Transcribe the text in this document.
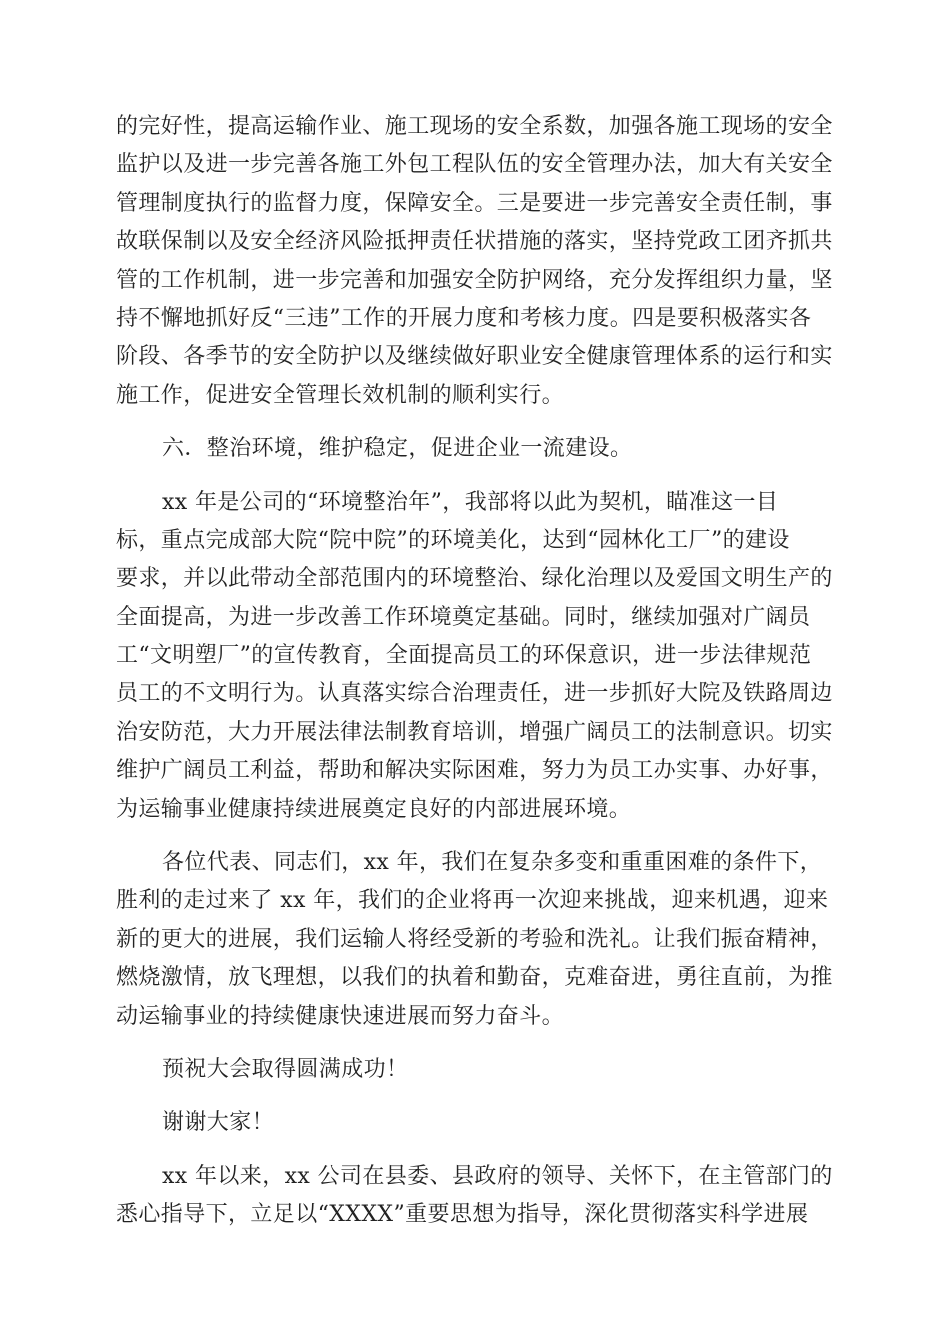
的完好性，提高运输作业、施工现场的安全系数，加强各施工现场的安全
监护以及进一步完善各施工外包工程队伍的安全管理办法，加大有关安全
管理制度执行的监督力度，保障安全。三是要进一步完善安全责任制，事
故联保制以及安全经济风险抵押责任状措施的落实，坚持党政工团齐抓共
管的工作机制，进一步完善和加强安全防护网络，充分发挥组织力量，坚
持不懈地抓好反“三违”工作的开展力度和考核力度。四是要积极落实各
阶段、各季节的安全防护以及继续做好职业安全健康管理体系的运行和实
施工作，促进安全管理长效机制的顺利实行。
六．整治环境，维护稳定，促进企业一流建设。
xx 年是公司的“环境整治年”，我部将以此为契机，瞄准这一目
标，重点完成部大院“院中院”的环境美化，达到“园林化工厂”的建设
要求，并以此带动全部范围内的环境整治、绿化治理以及爱国文明生产的
全面提高，为进一步改善工作环境奠定基础。同时，继续加强对广阔员
工“文明塑厂”的宣传教育，全面提高员工的环保意识，进一步法律规范
员工的不文明行为。认真落实综合治理责任，进一步抓好大院及铁路周边
治安防范，大力开展法律法制教育培训，增强广阔员工的法制意识。切实
维护广阔员工利益，帮助和解决实际困难，努力为员工办实事、办好事，
为运输事业健康持续进展奠定良好的内部进展环境。
各位代表、同志们，xx 年，我们在复杂多变和重重困难的条件下，
胜利的走过来了 xx 年，我们的企业将再一次迎来挑战，迎来机遇，迎来
新的更大的进展，我们运输人将经受新的考验和洗礼。让我们振奋精神，
燃烧激情，放飞理想，以我们的执着和勤奋，克难奋进，勇往直前，为推
动运输事业的持续健康快速进展而努力奋斗。
预祝大会取得圆满成功！
谢谢大家！
xx 年以来，xx 公司在县委、县政府的领导、关怀下，在主管部门的
悉心指导下，立足以“XXXX”重要思想为指导，深化贯彻落实科学进展
